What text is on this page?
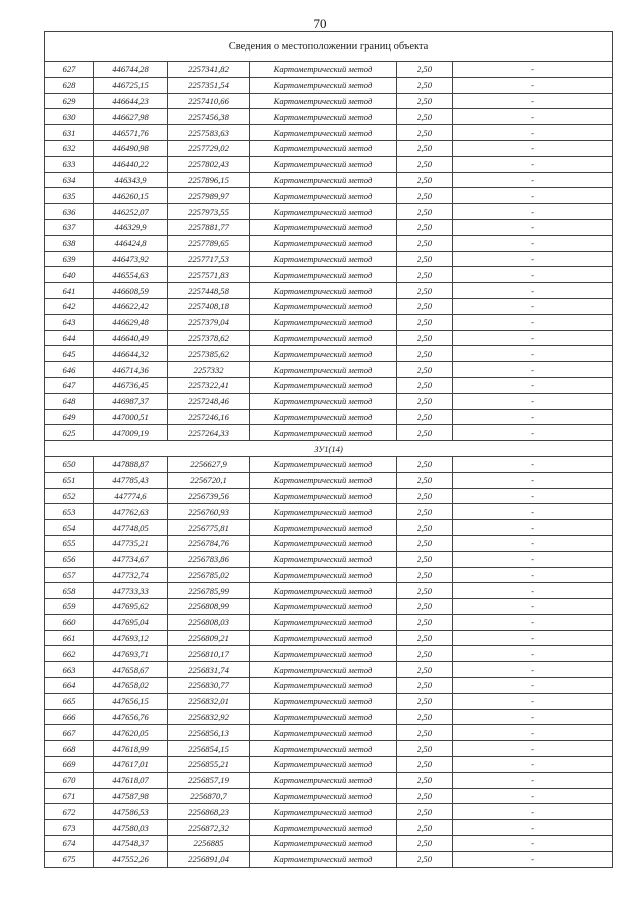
70
Сведения о местоположении границ объекта					
627	446744,28	2257341,82	Картометрический метод	2,50	-
628	446725,15	2257351,54	Картометрический метод	2,50	-
629	446644,23	2257410,66	Картометрический метод	2,50	-
630	446627,98	2257456,38	Картометрический метод	2,50	-
631	446571,76	2257583,63	Картометрический метод	2,50	-
632	446490,98	2257729,02	Картометрический метод	2,50	-
633	446440,22	2257802,43	Картометрический метод	2,50	-
634	446343,9	2257896,15	Картометрический метод	2,50	-
635	446260,15	2257989,97	Картометрический метод	2,50	-
636	446252,07	2257973,55	Картометрический метод	2,50	-
637	446329,9	2257881,77	Картометрический метод	2,50	-
638	446424,8	2257789,65	Картометрический метод	2,50	-
639	446473,92	2257717,53	Картометрический метод	2,50	-
640	446554,63	2257571,83	Картометрический метод	2,50	-
641	446608,59	2257448,58	Картометрический метод	2,50	-
642	446622,42	2257408,18	Картометрический метод	2,50	-
643	446629,48	2257379,04	Картометрический метод	2,50	-
644	446640,49	2257378,62	Картометрический метод	2,50	-
645	446644,32	2257385,62	Картометрический метод	2,50	-
646	446714,36	2257332	Картометрический метод	2,50	-
647	446736,45	2257322,41	Картометрический метод	2,50	-
648	446987,37	2257248,46	Картометрический метод	2,50	-
649	447000,51	2257246,16	Картометрический метод	2,50	-
625	447009,19	2257264,33	Картометрический метод	2,50	-
ЗУ1(14)					
650	447888,87	2256627,9	Картометрический метод	2,50	-
651	447785,43	2256720,1	Картометрический метод	2,50	-
652	447774,6	2256739,56	Картометрический метод	2,50	-
653	447762,63	2256760,93	Картометрический метод	2,50	-
654	447748,05	2256775,81	Картометрический метод	2,50	-
655	447735,21	2256784,76	Картометрический метод	2,50	-
656	447734,67	2256783,86	Картометрический метод	2,50	-
657	447732,74	2256785,02	Картометрический метод	2,50	-
658	447733,33	2256785,99	Картометрический метод	2,50	-
659	447695,62	2256808,99	Картометрический метод	2,50	-
660	447695,04	2256808,03	Картометрический метод	2,50	-
661	447693,12	2256809,21	Картометрический метод	2,50	-
662	447693,71	2256810,17	Картометрический метод	2,50	-
663	447658,67	2256831,74	Картометрический метод	2,50	-
664	447658,02	2256830,77	Картометрический метод	2,50	-
665	447656,15	2256832,01	Картометрический метод	2,50	-
666	447656,76	2256832,92	Картометрический метод	2,50	-
667	447620,05	2256856,13	Картометрический метод	2,50	-
668	447618,99	2256854,15	Картометрический метод	2,50	-
669	447617,01	2256855,21	Картометрический метод	2,50	-
670	447618,07	2256857,19	Картометрический метод	2,50	-
671	447587,98	2256870,7	Картометрический метод	2,50	-
672	447586,53	2256868,23	Картометрический метод	2,50	-
673	447580,03	2256872,32	Картометрический метод	2,50	-
674	447548,37	2256885	Картометрический метод	2,50	-
675	447552,26	2256891,04	Картометрический метод	2,50	-
